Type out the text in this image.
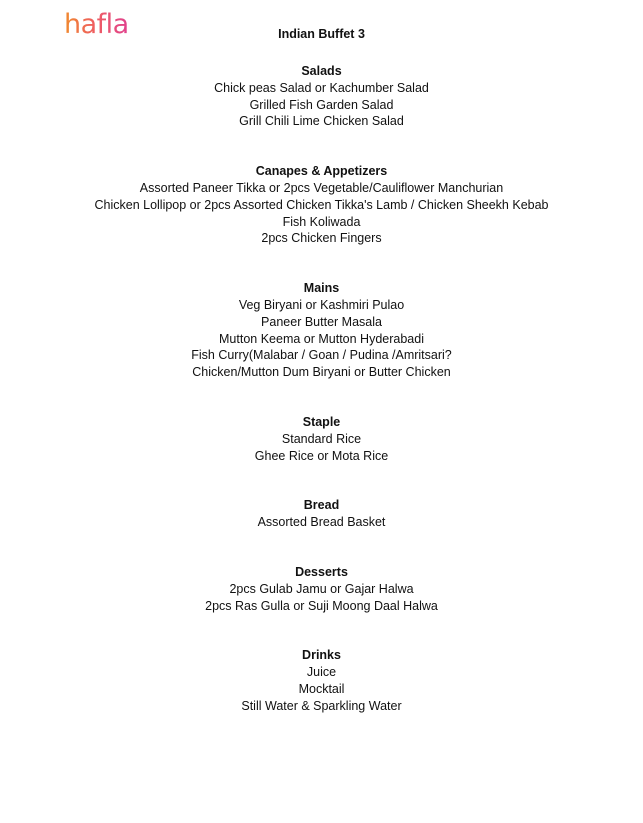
hafla	Indian Buffet 3
Salads
Chick peas Salad or Kachumber Salad
Grilled Fish Garden Salad
Grill Chili Lime Chicken Salad
Canapes & Appetizers
Assorted Paneer Tikka or 2pcs Vegetable/Cauliflower Manchurian
Chicken Lollipop or 2pcs Assorted Chicken Tikka's Lamb / Chicken Sheekh Kebab
Fish Koliwada
2pcs Chicken Fingers
Mains
Veg Biryani or Kashmiri Pulao
Paneer Butter Masala
Mutton Keema or Mutton Hyderabadi
Fish Curry(Malabar / Goan / Pudina /Amritsari?
Chicken/Mutton Dum Biryani or Butter Chicken
Staple
Standard Rice
Ghee Rice or Mota Rice
Bread
Assorted Bread Basket
Desserts
2pcs Gulab Jamu or Gajar Halwa
2pcs Ras Gulla or Suji Moong Daal Halwa
Drinks
Juice
Mocktail
Still Water & Sparkling Water
